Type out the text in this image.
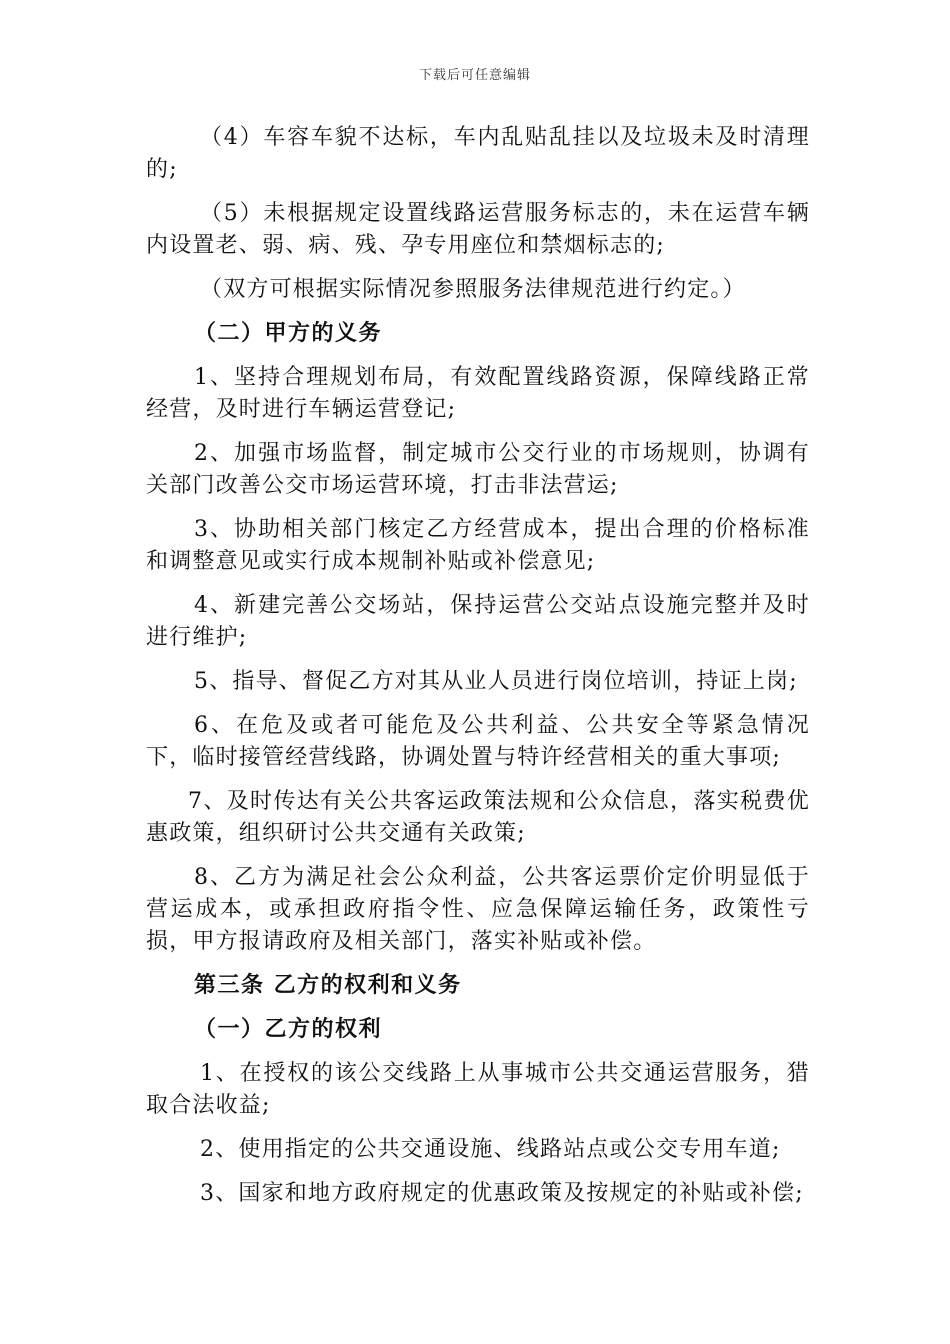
下载后可任意编辑

（4）车容车貌不达标，车内乱贴乱挂以及垃圾未及时清理的;

（5）未根据规定设置线路运营服务标志的，未在运营车辆内设置老、弱、病、残、孕专用座位和禁烟标志的;

（双方可根据实际情况参照服务法律规范进行约定。）

（二）甲方的义务

1、坚持合理规划布局，有效配置线路资源，保障线路正常经营，及时进行车辆运营登记;

2、加强市场监督，制定城市公交行业的市场规则，协调有关部门改善公交市场运营环境，打击非法营运;

3、协助相关部门核定乙方经营成本，提出合理的价格标准和调整意见或实行成本规制补贴或补偿意见;

4、新建完善公交场站，保持运营公交站点设施完整并及时进行维护;

5、指导、督促乙方对其从业人员进行岗位培训，持证上岗;

6、在危及或者可能危及公共利益、公共安全等紧急情况下，临时接管经营线路，协调处置与特许经营相关的重大事项;

7、及时传达有关公共客运政策法规和公众信息，落实税费优惠政策，组织研讨公共交通有关政策;

8、乙方为满足社会公众利益，公共客运票价定价明显低于营运成本，或承担政府指令性、应急保障运输任务，政策性亏损，甲方报请政府及相关部门，落实补贴或补偿。

第三条 乙方的权利和义务
（一）乙方的权利

1、在授权的该公交线路上从事城市公共交通运营服务，猎取合法收益;

2、使用指定的公共交通设施、线路站点或公交专用车道;

3、国家和地方政府规定的优惠政策及按规定的补贴或补偿;
